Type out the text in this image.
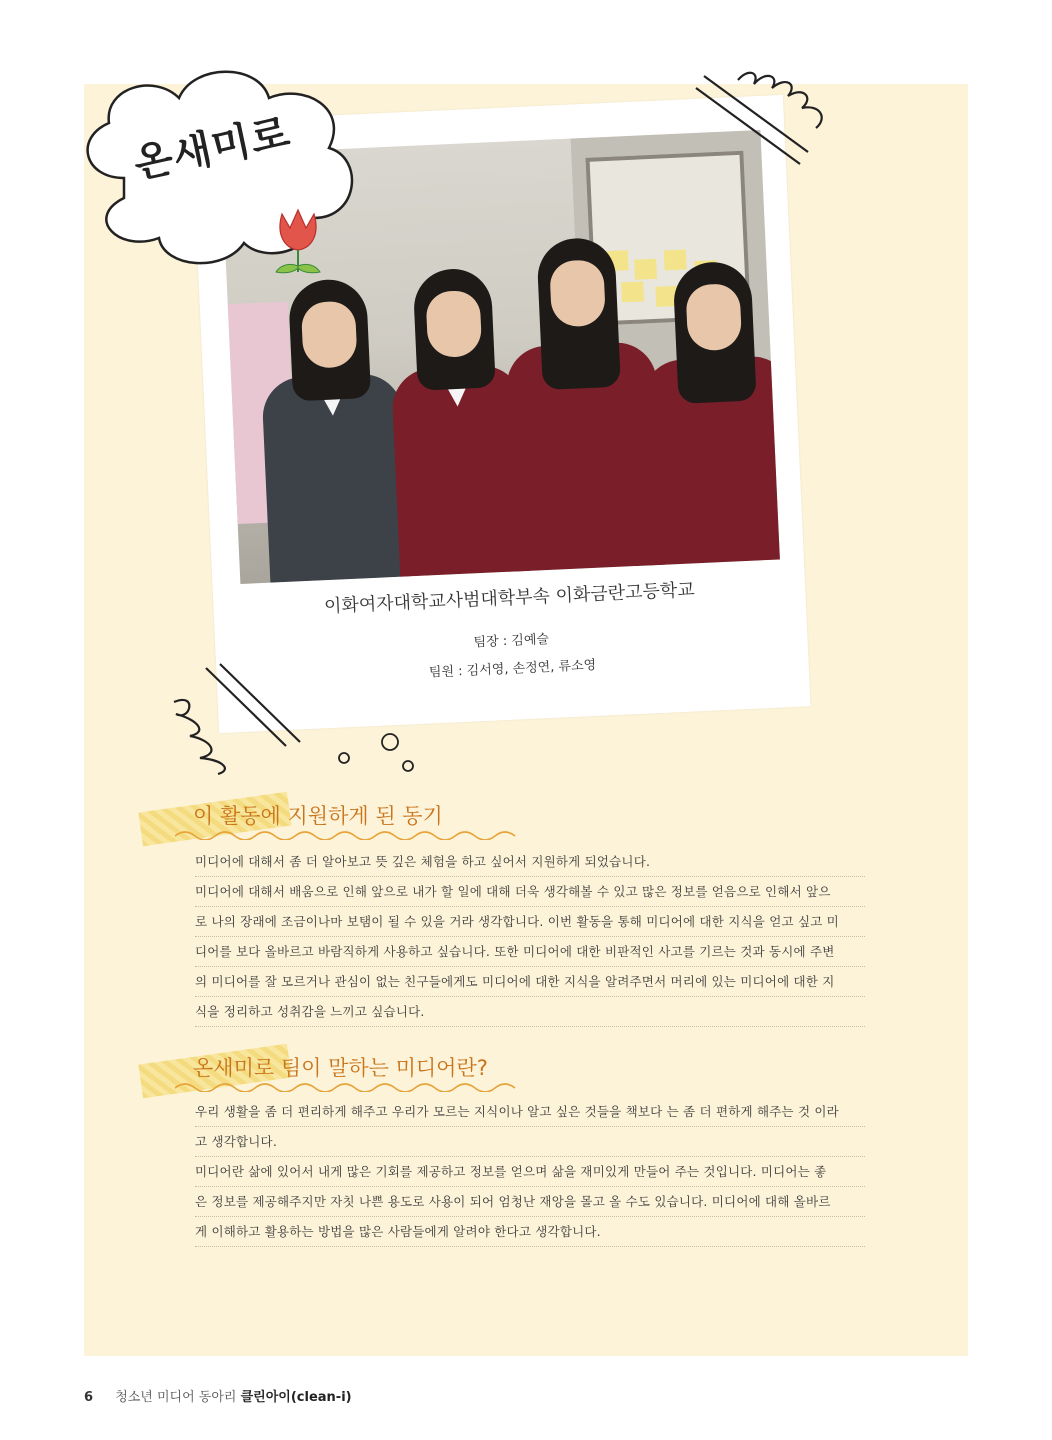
이화여자대학교사범대학부속 이화금란고등학교
팀장 : 김예슬
팀원 : 김서영, 손정연, 류소영
온새미로
이 활동에 지원하게 된 동기
미디어에 대해서 좀 더 알아보고 뜻 깊은 체험을 하고 싶어서 지원하게 되었습니다.
미디어에 대해서 배움으로 인해 앞으로 내가 할 일에 대해 더욱 생각해볼 수 있고 많은 정보를 얻음으로 인해서 앞으
로 나의 장래에 조금이나마 보탬이 될 수 있을 거라 생각합니다. 이번 활동을 통해 미디어에 대한 지식을 얻고 싶고 미
디어를 보다 올바르고 바람직하게 사용하고 싶습니다. 또한 미디어에 대한 비판적인 사고를 기르는 것과 동시에 주변
의 미디어를 잘 모르거나 관심이 없는 친구들에게도 미디어에 대한 지식을 알려주면서 머리에 있는 미디어에 대한 지
식을 정리하고 성취감을 느끼고 싶습니다.
온새미로 팀이 말하는 미디어란?
우리 생활을 좀 더 편리하게 해주고 우리가 모르는 지식이나 알고 싶은 것들을 책보다 는 좀 더 편하게 해주는 것 이라
고 생각합니다.
미디어란 삶에 있어서 내게 많은 기회를 제공하고 정보를 얻으며 삶을 재미있게 만들어 주는 것입니다. 미디어는 좋
은 정보를 제공해주지만 자칫 나쁜 용도로 사용이 되어 엄청난 재앙을 몰고 올 수도 있습니다. 미디어에 대해 올바르
게 이해하고 활용하는 방법을 많은 사람들에게 알려야 한다고 생각합니다.
6 청소년 미디어 동아리 클린아이(clean-i)
